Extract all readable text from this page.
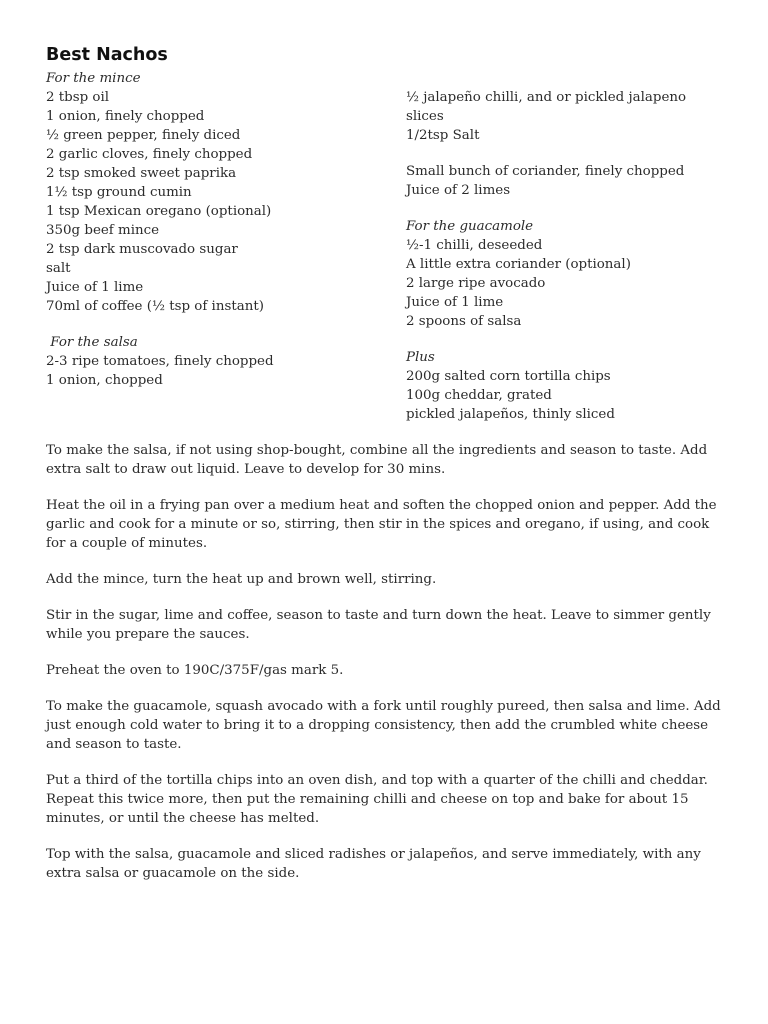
Best Nachos
For the mince
2 tbsp oil
1 onion, finely chopped
½ green pepper, finely diced
2 garlic cloves, finely chopped
2 tsp smoked sweet paprika
1½ tsp ground cumin
1 tsp Mexican oregano (optional)
350g beef mince
2 tsp dark muscovado sugar
salt
Juice of 1 lime
70ml of coffee (½ tsp of instant)
For the salsa
2-3 ripe tomatoes, finely chopped
1 onion, chopped
½ jalapeño chilli, and or pickled jalapeno
slices
1/2tsp Salt
Small bunch of coriander, finely chopped
Juice of 2 limes
For the guacamole
½-1 chilli, deseeded
A little extra coriander (optional)
2 large ripe avocado
Juice of 1 lime
2 spoons of salsa
Plus
200g salted corn tortilla chips
100g cheddar, grated
pickled jalapeños, thinly sliced

To make the salsa, if not using shop-bought, combine all the ingredients and season to taste. Add extra salt to draw out liquid. Leave to develop for 30 mins.

Heat the oil in a frying pan over a medium heat and soften the chopped onion and pepper. Add the garlic and cook for a minute or so, stirring, then stir in the spices and oregano, if using, and cook for a couple of minutes.

Add the mince, turn the heat up and brown well, stirring.

Stir in the sugar, lime and coffee, season to taste and turn down the heat. Leave to simmer gently while you prepare the sauces.

Preheat the oven to 190C/375F/gas mark 5.

To make the guacamole, squash avocado with a fork until roughly pureed, then salsa and lime. Add just enough cold water to bring it to a dropping consistency, then add the crumbled white cheese and season to taste.

Put a third of the tortilla chips into an oven dish, and top with a quarter of the chilli and cheddar. Repeat this twice more, then put the remaining chilli and cheese on top and bake for about 15 minutes, or until the cheese has melted.

Top with the salsa, guacamole and sliced radishes or jalapeños, and serve immediately, with any extra salsa or guacamole on the side.
